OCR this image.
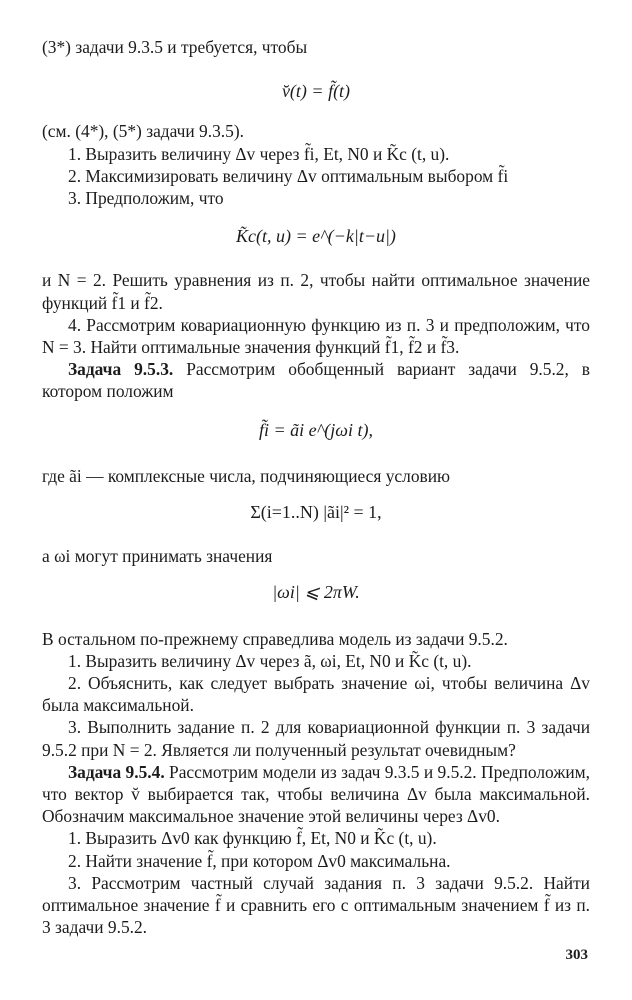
(3*) задачи 9.3.5 и требуется, чтобы

v̆(t) = f̃(t)

(см. (4*), (5*) задачи 9.3.5).

1. Выразить величину Δv через f̃i, Et, N0 и K̃c (t, u).

2. Максимизировать величину Δv оптимальным выбором f̃i

3. Предположим, что

K̃c(t, u) = e^(−k|t−u|)

и N = 2. Решить уравнения из п. 2, чтобы найти оптимальное значение функций f̃1 и f̃2.

4. Рассмотрим ковариационную функцию из п. 3 и предположим, что N = 3. Найти оптимальные значения функций f̃1, f̃2 и f̃3.

Задача 9.5.3. Рассмотрим обобщенный вариант задачи 9.5.2, в котором положим

f̃i = ãi e^(jωi t),

где ãi — комплексные числа, подчиняющиеся условию

Σ(i=1..N) |ãi|² = 1,

а ωi могут принимать значения

|ωi| ⩽ 2πW.

В остальном по-прежнему справедлива модель из задачи 9.5.2.

1. Выразить величину Δv через ã, ωi, Et, N0 и K̃c (t, u).

2. Объяснить, как следует выбрать значение ωi, чтобы величина Δv была максимальной.

3. Выполнить задание п. 2 для ковариационной функции п. 3 задачи 9.5.2 при N = 2. Является ли полученный результат очевидным?

Задача 9.5.4. Рассмотрим модели из задач 9.3.5 и 9.5.2. Предположим, что вектор v̆ выбирается так, чтобы величина Δv была максимальной. Обозначим максимальное значение этой величины через Δv0.

1. Выразить Δv0 как функцию f̃, Et, N0 и K̃c (t, u).

2. Найти значение f̃, при котором Δv0 максимальна.

3. Рассмотрим частный случай задания п. 3 задачи 9.5.2. Найти оптимальное значение f̃ и сравнить его с оптимальным значением f̃ из п. 3 задачи 9.5.2.

303
